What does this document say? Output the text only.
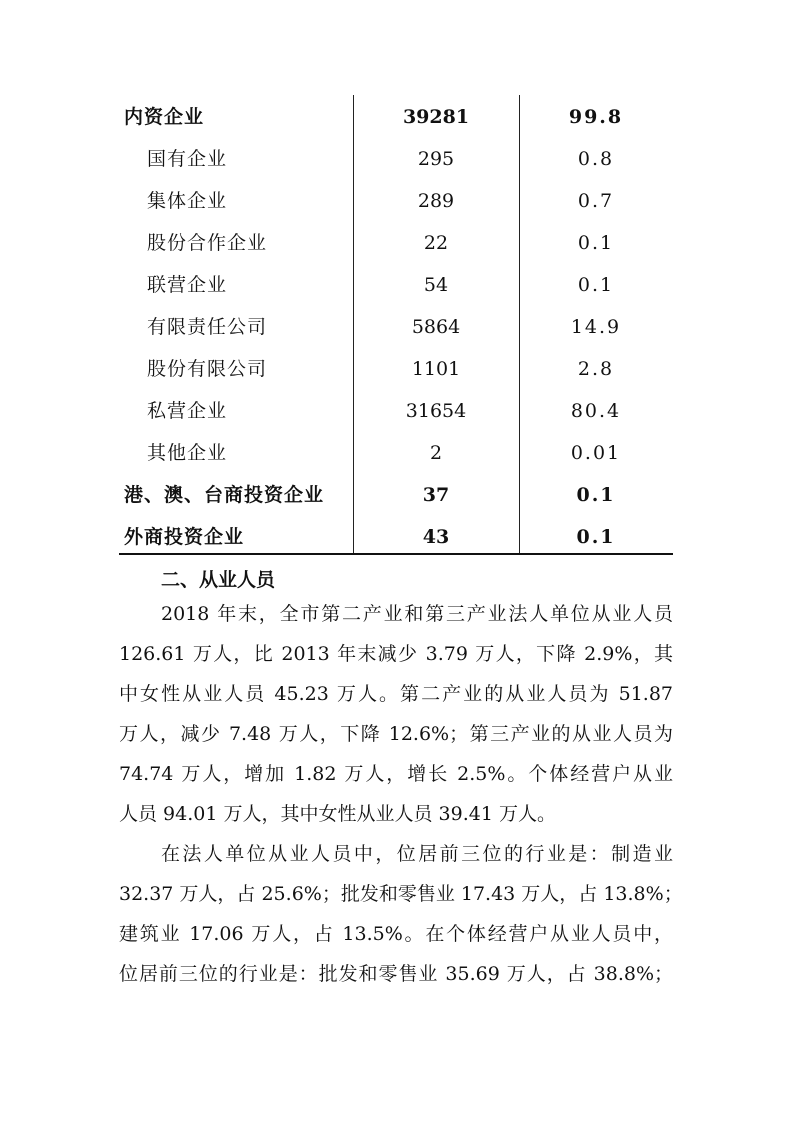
内资企业	39281	99.8
国有企业	295	0.8
集体企业	289	0.7
股份合作企业	22	0.1
联营企业	54	0.1
有限责任公司	5864	14.9
股份有限公司	1101	2.8
私营企业	31654	80.4
其他企业	2	0.01
港、澳、台商投资企业	37	0.1
外商投资企业	43	0.1
二、从业人员
2018 年末，全市第二产业和第三产业法人单位从业人员
126.61 万人，比 2013 年末减少 3.79 万人，下降 2.9%，其
中女性从业人员 45.23 万人。第二产业的从业人员为 51.87
万人，减少 7.48 万人，下降 12.6%；第三产业的从业人员为
74.74 万人，增加 1.82 万人，增长 2.5%。个体经营户从业
人员 94.01 万人，其中女性从业人员 39.41 万人。
在法人单位从业人员中，位居前三位的行业是：制造业
32.37 万人，占 25.6%；批发和零售业 17.43 万人，占 13.8%；
建筑业 17.06 万人，占 13.5%。在个体经营户从业人员中，
位居前三位的行业是：批发和零售业 35.69 万人，占 38.8%；
